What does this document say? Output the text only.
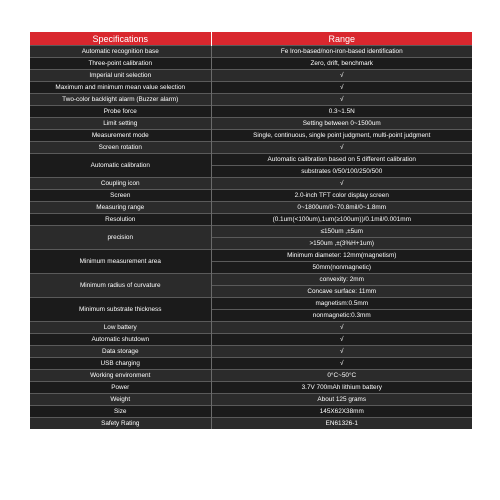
Specifications	Range
Automatic recognition base	Fe Iron-based/non-iron-based identification
Three-point calibration	Zero, drift, benchmark
Imperial unit selection	√
Maximum and minimum mean value selection	√
Two-color backlight alarm (Buzzer alarm)	√
Probe force	0.3~1.5N
Limit setting	Setting between 0~1500um
Measurement mode	Single, continuous, single point judgment, multi-point judgment
Screen rotation	√
Automatic calibration	Automatic calibration based on 5 different calibration
	substrates 0/50/100/250/500
Coupling icon	√
Screen	2.0-inch TFT color display screen
Measuring range	0~1800um/0~70.8mil/0~1.8mm
Resolution	(0.1um(<100um),1um(≥100um))/0.1mil/0.001mm
precision	≤150um ,±5um
	>150um ,±(3%H+1um)
Minimum measurement area	Minimum diameter: 12mm(magnetism)
	50mm(nonmagnetic)
Minimum radius of curvature	convexity: 2mm
	Concave surface: 11mm
Minimum substrate thickness	magnetism:0.5mm
	nonmagnetic:0.3mm
Low battery	√
Automatic shutdown	√
Data storage	√
USB charging	√
Working environment	0°C~50°C
Power	3.7V 700mAh lithium battery
Weight	About 125 grams
Size	145X62X38mm
Safety Rating	EN61326-1
